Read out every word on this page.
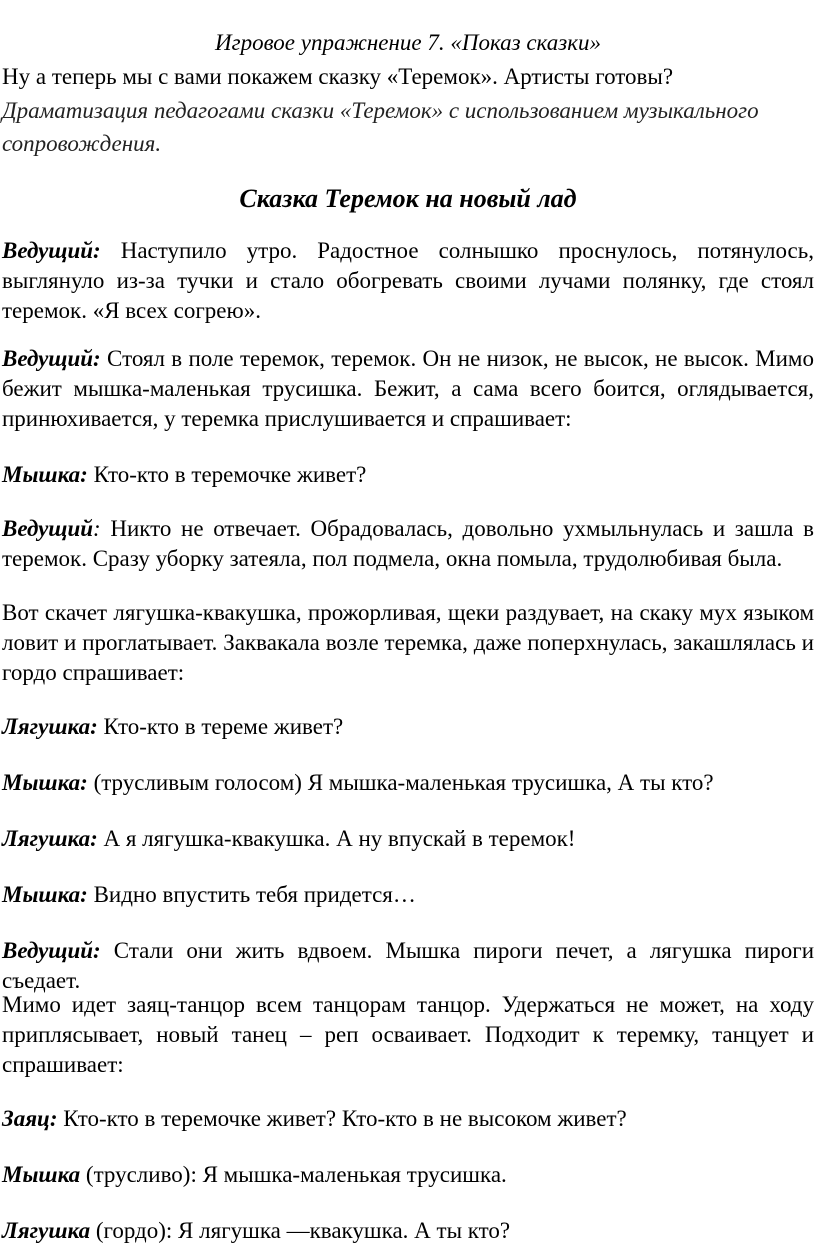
Игровое упражнение 7. «Показ сказки»
Ну а теперь мы с вами покажем сказку «Теремок». Артисты готовы?
Драматизация педагогами сказки «Теремок» с использованием музыкального сопровождения.
Сказка Теремок на новый лад
Ведущий: Наступило утро. Радостное солнышко проснулось, потянулось, выглянуло из-за тучки и стало обогревать своими лучами полянку, где стоял теремок. «Я всех согрею».
Ведущий: Стоял в поле теремок, теремок. Он не низок, не высок, не высок. Мимо бежит мышка-маленькая трусишка. Бежит, а сама всего боится, оглядывается, принюхивается, у теремка прислушивается и спрашивает:
Мышка: Кто-кто в теремочке живет?
Ведущий: Никто не отвечает. Обрадовалась, довольно ухмыльнулась и зашла в теремок. Сразу уборку затеяла, пол подмела, окна помыла, трудолюбивая была.
Вот скачет лягушка-квакушка, прожорливая, щеки раздувает, на скаку мух языком ловит и проглатывает. Заквакала возле теремка, даже поперхнулась, закашлялась и гордо спрашивает:
Лягушка: Кто-кто в тереме живет?
Мышка: (трусливым голосом) Я мышка-маленькая трусишка, А ты кто?
Лягушка: А я лягушка-квакушка. А ну впускай в теремок!
Мышка: Видно впустить тебя придется…
Ведущий: Стали они жить вдвоем. Мышка пироги печет, а лягушка пироги съедает.
Мимо идет заяц-танцор всем танцорам танцор. Удержаться не может, на ходу приплясывает, новый танец – реп осваивает. Подходит к теремку, танцует и спрашивает:
Заяц: Кто-кто в теремочке живет? Кто-кто в не высоком живет?
Мышка (трусливо): Я мышка-маленькая трусишка.
Лягушка (гордо): Я лягушка —квакушка. А ты кто?
